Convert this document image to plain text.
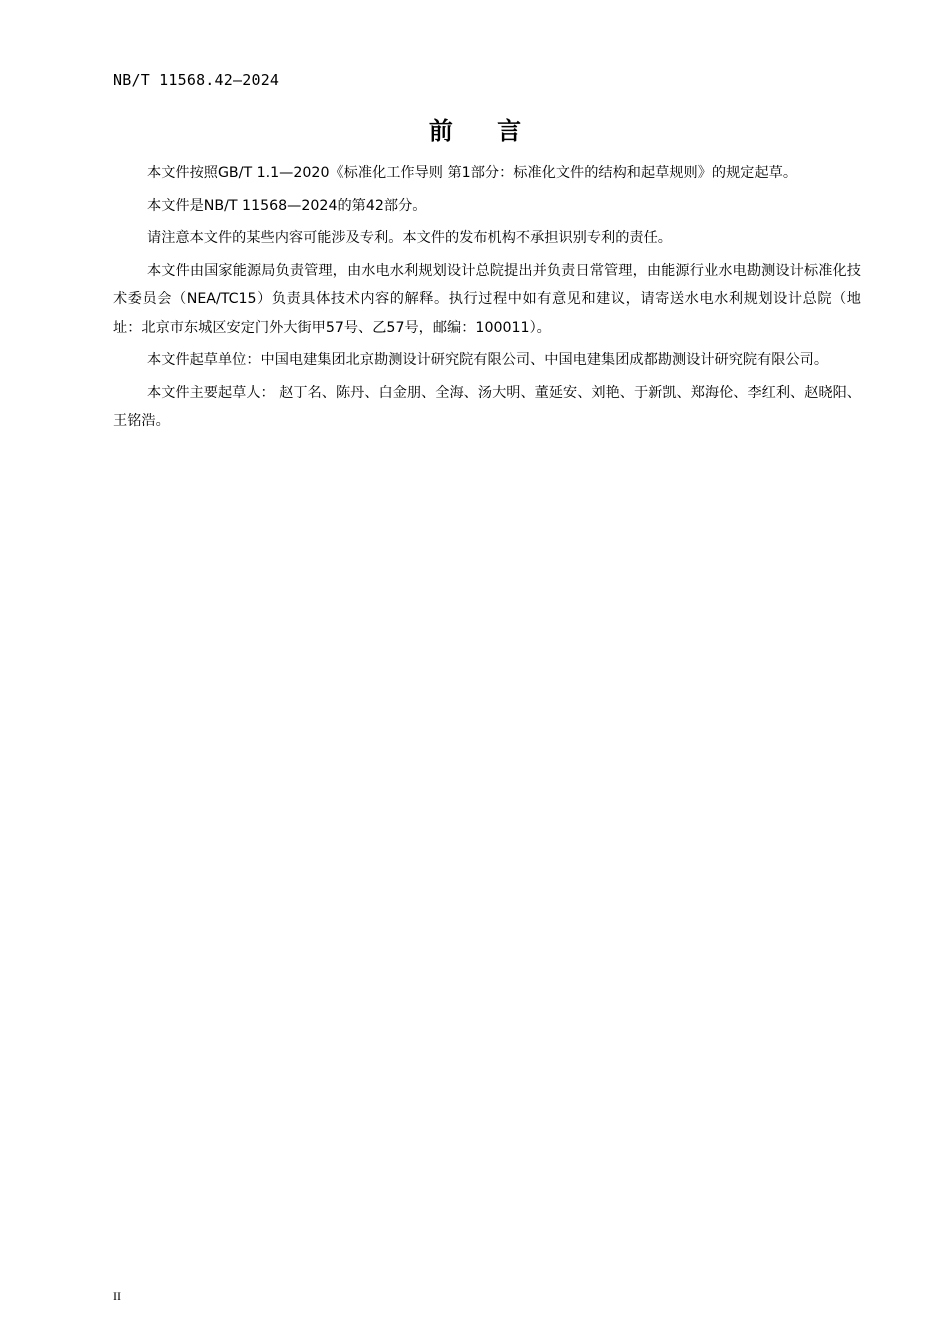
NB/T 11568.42—2024
前 言

本文件按照GB/T 1.1—2020《标准化工作导则 第1部分：标准化文件的结构和起草规则》的规定起草。

本文件是NB/T 11568—2024的第42部分。

请注意本文件的某些内容可能涉及专利。本文件的发布机构不承担识别专利的责任。

本文件由国家能源局负责管理，由水电水利规划设计总院提出并负责日常管理，由能源行业水电勘测设计标准化技术委员会（NEA/TC15）负责具体技术内容的解释。执行过程中如有意见和建议，请寄送水电水利规划设计总院（地址：北京市东城区安定门外大街甲57号、乙57号，邮编：100011）。

本文件起草单位：中国电建集团北京勘测设计研究院有限公司、中国电建集团成都勘测设计研究院有限公司。

本文件主要起草人： 赵丁名、陈丹、白金朋、全海、汤大明、董延安、刘艳、于新凯、郑海伦、李红利、赵晓阳、王铭浩。

II
